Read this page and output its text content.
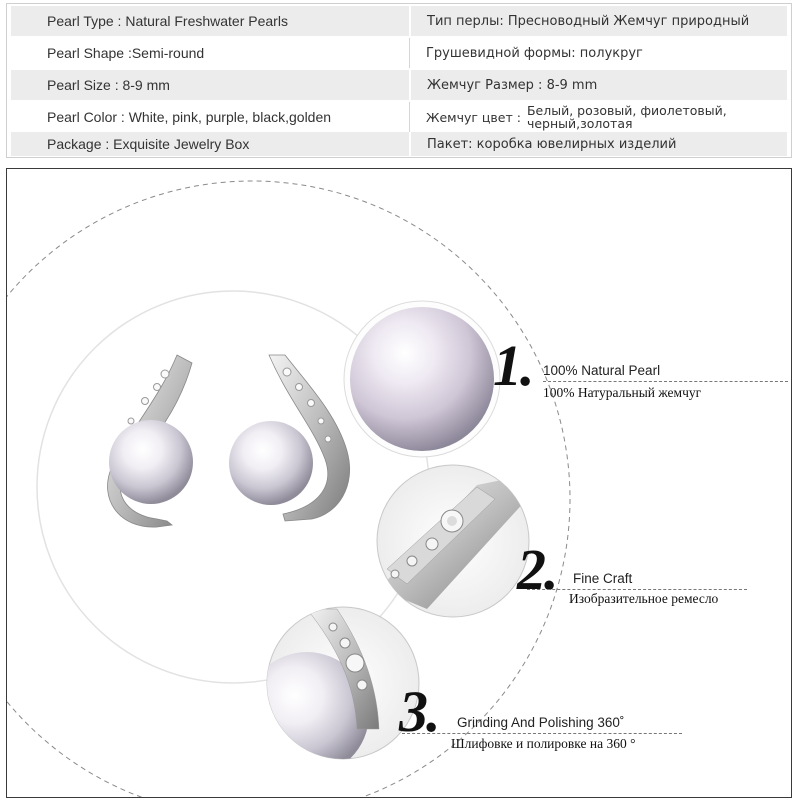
Pearl Type : Natural Freshwater Pearls	Тип перлы: Пресноводный Жемчуг природный
Pearl Shape :Semi-round	Грушевидной формы: полукруг
Pearl Size : 8-9 mm	Жемчуг Размер : 8-9 mm
Pearl Color : White, pink, purple, black,golden	Жемчуг цвет : Белый, розовый, фиолетовый,
черный,золотая
Package : Exquisite Jewelry Box	Пакет: коробка ювелирных изделий
1. 100% Natural Pearl
100% Натуральный жемчуг
2. Fine Craft
Изобразительное ремесло
3. Grinding And Polishing 360˚
Шлифовке и полировке на 360 °
